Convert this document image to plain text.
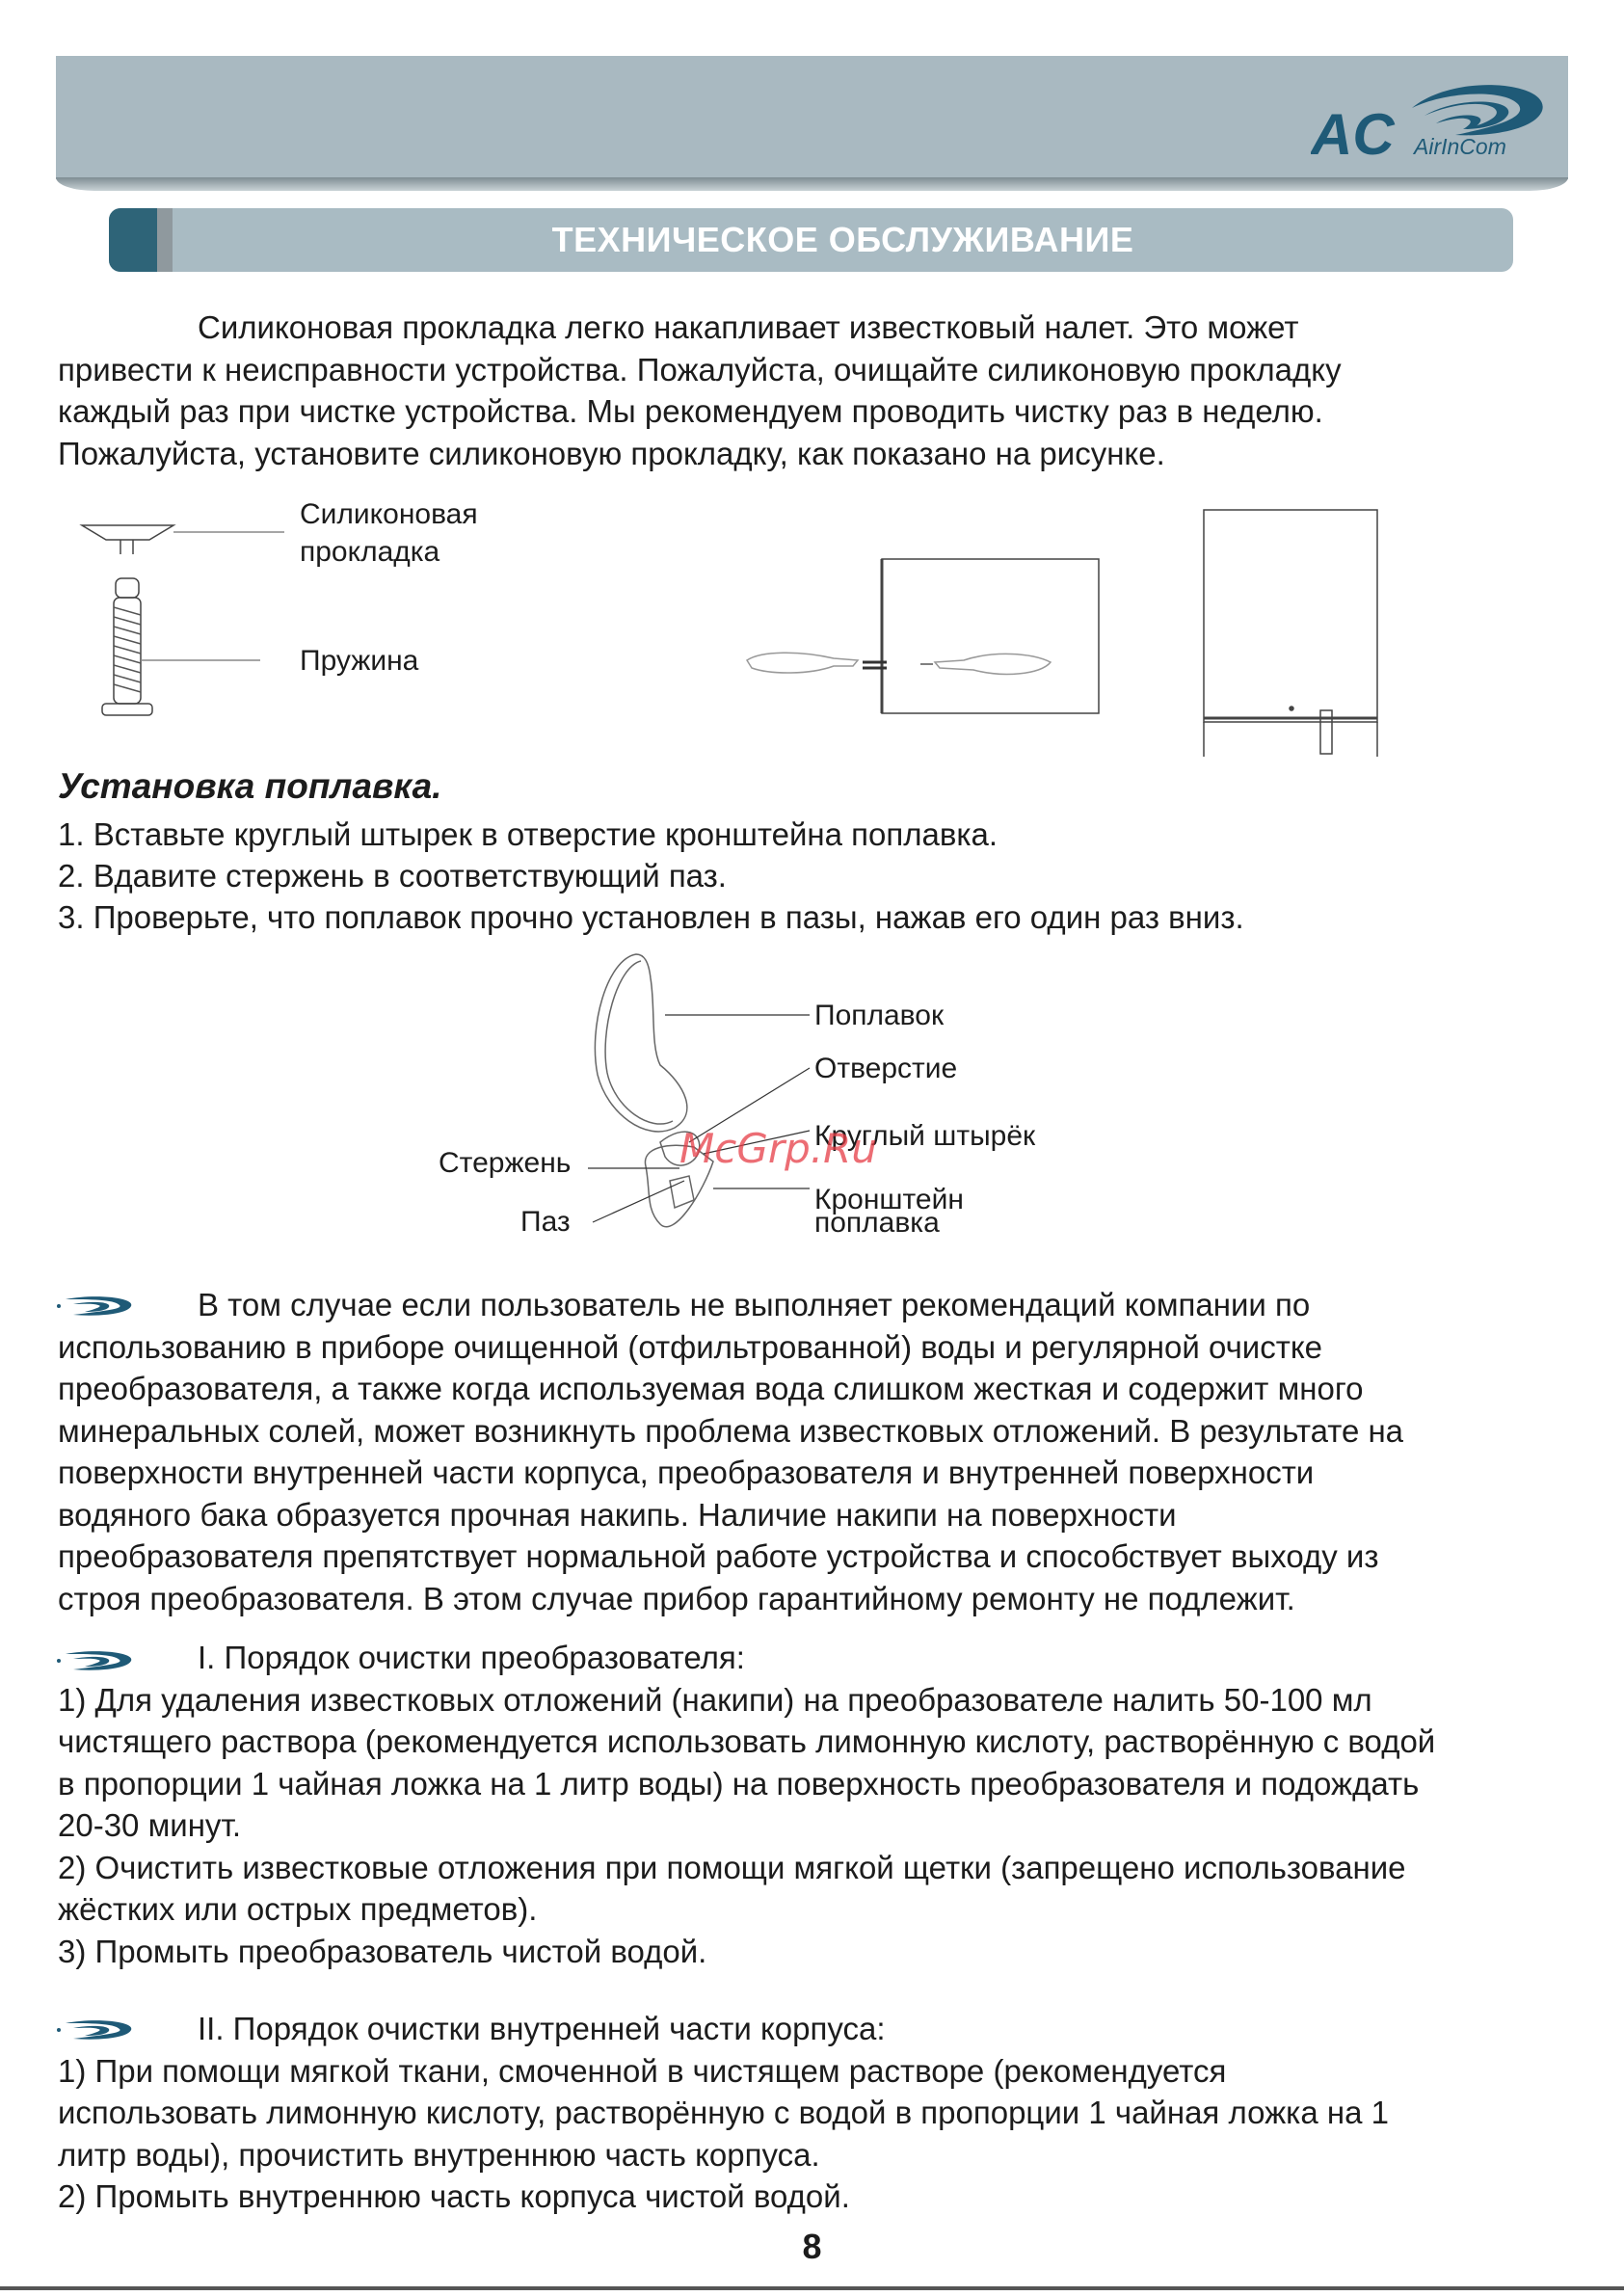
AC AirInCom
ТЕХНИЧЕСКОЕ ОБСЛУЖИВАНИЕ
Силиконовая прокладка легко накапливает известковый налет. Это может
привести к неисправности устройства. Пожалуйста, очищайте силиконовую прокладку
каждый раз при чистке устройства. Мы рекомендуем проводить чистку раз в неделю.
Пожалуйста, установите силиконовую прокладку, как показано на рисунке.
Силиконовая
прокладка
Пружина
Установка поплавка.
1. Вставьте круглый штырек в отверстие кронштейна поплавка.
2. Вдавите стержень в соответствующий паз.
3. Проверьте, что поплавок прочно установлен в пазы, нажав его один раз вниз.
Поплавок
Отверстие
Круглый штырёк
Стержень
Паз
Кронштейн
поплавка
McGrp.Ru
В том случае если пользователь не выполняет рекомендаций компании по
использованию в приборе очищенной (отфильтрованной) воды и регулярной очистке
преобразователя, а также когда используемая вода слишком жесткая и содержит много
минеральных солей, может возникнуть проблема известковых отложений. В результате на
поверхности внутренней части корпуса, преобразователя и внутренней поверхности
водяного бака образуется прочная накипь. Наличие накипи на поверхности
преобразователя препятствует нормальной работе устройства и способствует выходу из
строя преобразователя. В этом случае прибор гарантийному ремонту не подлежит.
I. Порядок очистки преобразователя:
1) Для удаления известковых отложений (накипи) на преобразователе налить 50-100 мл
чистящего раствора (рекомендуется использовать лимонную кислоту, растворённую с водой
в пропорции 1 чайная ложка на 1 литр воды) на поверхность преобразователя и подождать
20-30 минут.
2) Очистить известковые отложения при помощи мягкой щетки (запрещено использование
жёстких или острых предметов).
3) Промыть преобразователь чистой водой.
II. Порядок очистки внутренней части корпуса:
1) При помощи мягкой ткани, смоченной в чистящем растворе (рекомендуется
использовать лимонную кислоту, растворённую с водой в пропорции 1 чайная ложка на 1
литр воды), прочистить внутреннюю часть корпуса.
2) Промыть внутреннюю часть корпуса чистой водой.
8
